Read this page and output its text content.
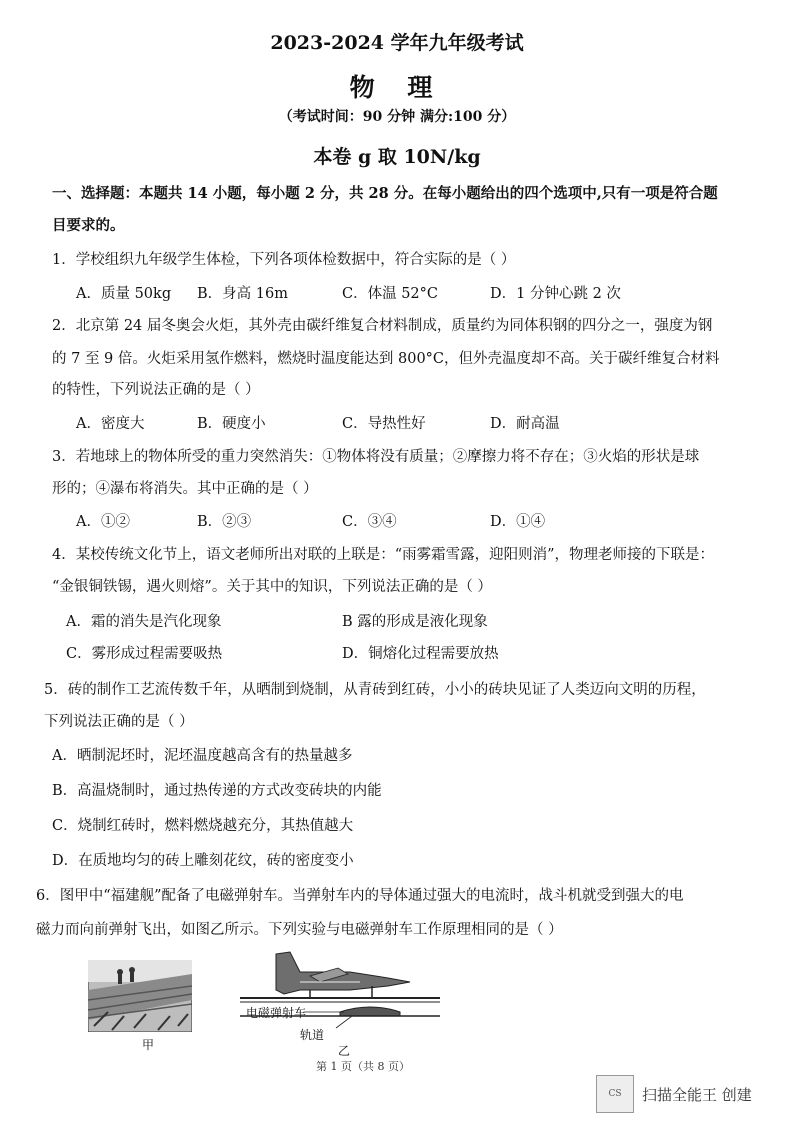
2023-2024 学年九年级考试
物 理
（考试时间：90 分钟 满分:100 分）
本卷 g 取 10N/kg
一、选择题：本题共 14 小题，每小题 2 分，共 28 分。在每小题给出的四个选项中,只有一项是符合题
目要求的。
1．学校组织九年级学生体检，下列各项体检数据中，符合实际的是（ ）
A．质量 50kg B．身高 16m	C．体温 52°C	D．1 分钟心跳 2 次
2．北京第 24 届冬奥会火炬，其外壳由碳纤维复合材料制成，质量约为同体积钢的四分之一，强度为钢
的 7 至 9 倍。火炬采用氢作燃料，燃烧时温度能达到 800°C，但外壳温度却不高。关于碳纤维复合材料
的特性，下列说法正确的是（ ）
A．密度大	B．硬度小	C．导热性好	D．耐高温
3．若地球上的物体所受的重力突然消失：①物体将没有质量；②摩擦力将不存在；③火焰的形状是球
形的；④瀑布将消失。其中正确的是（ ）
A．①②	B．②③	C．③④	D．①④
4．某校传统文化节上，语文老师所出对联的上联是：“雨雾霜雪露，迎阳则消”，物理老师接的下联是：
“金银铜铁锡，遇火则熔”。关于其中的知识，下列说法正确的是（ ）
A．霜的消失是汽化现象	B 露的形成是液化现象
C．雾形成过程需要吸热	D．铜熔化过程需要放热
5．砖的制作工艺流传数千年，从晒制到烧制，从青砖到红砖，小小的砖块见证了人类迈向文明的历程，
下列说法正确的是（ ）
A．晒制泥坯时，泥坯温度越高含有的热量越多
B．高温烧制时，通过热传递的方式改变砖块的内能
C．烧制红砖时，燃料燃烧越充分，其热值越大
D．在质地均匀的砖上雕刻花纹，砖的密度变小
6．图甲中“福建舰”配备了电磁弹射车。当弹射车内的导体通过强大的电流时，战斗机就受到强大的电
磁力而向前弹射飞出，如图乙所示。下列实验与电磁弹射车工作原理相同的是（ ）
甲
电磁弹射车
轨道
乙
第 1 页（共 8 页）
CS	扫描全能王 创建
